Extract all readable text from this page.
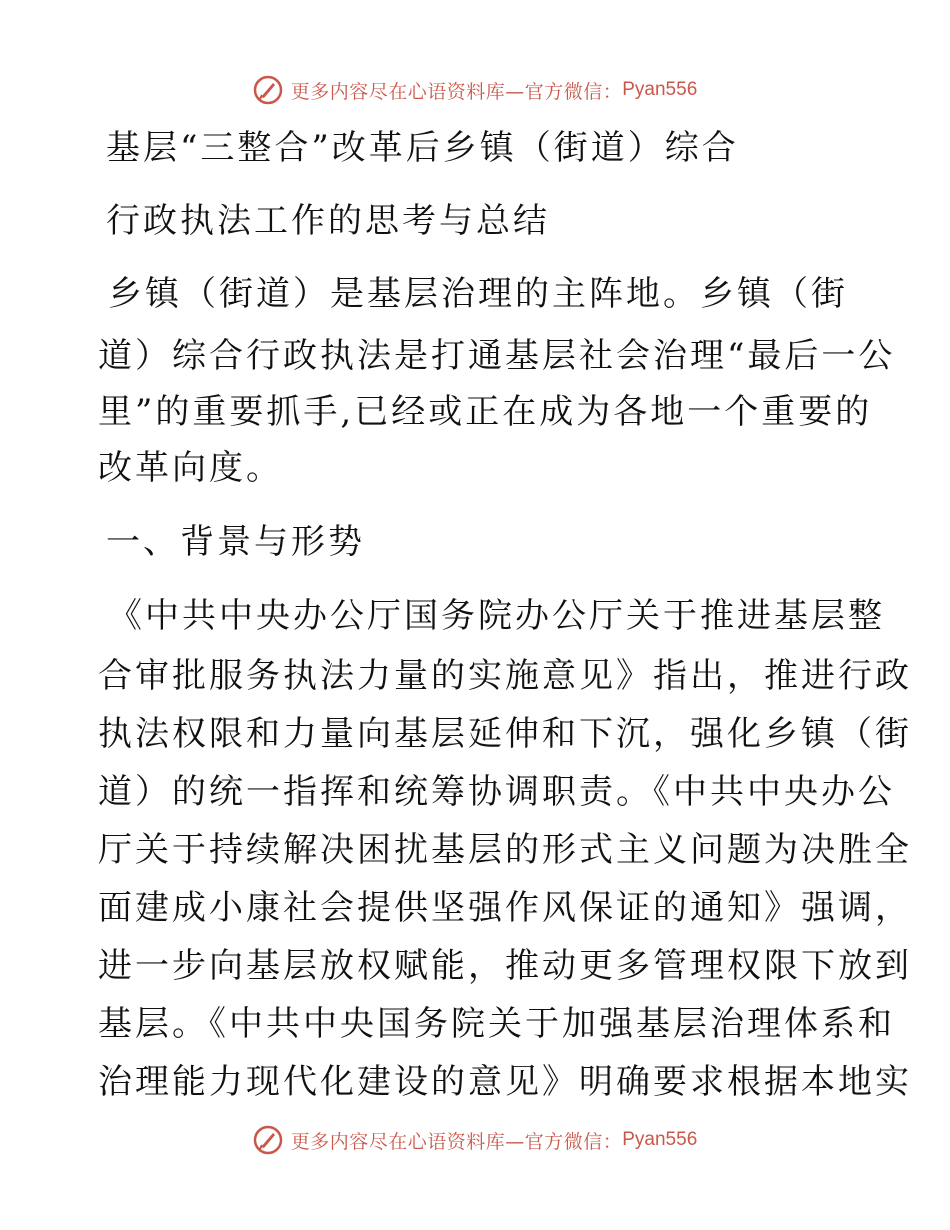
更多内容尽在心语资料库—官方微信： Pyan556
基层“三整合”改革后乡镇（街道）综合
行政执法工作的思考与总结
乡镇（街道）是基层治理的主阵地。乡镇（街
道）综合行政执法是打通基层社会治理“最后一公
里”的重要抓手,已经或正在成为各地一个重要的
改革向度。
一、背景与形势
《中共中央办公厅国务院办公厅关于推进基层整
合审批服务执法力量的实施意见》指出，推进行政
执法权限和力量向基层延伸和下沉，强化乡镇（街
道）的统一指挥和统筹协调职责。《中共中央办公
厅关于持续解决困扰基层的形式主义问题为决胜全
面建成小康社会提供坚强作风保证的通知》强调，
进一步向基层放权赋能，推动更多管理权限下放到
基层。《中共中央国务院关于加强基层治理体系和
治理能力现代化建设的意见》明确要求根据本地实
更多内容尽在心语资料库—官方微信： Pyan556
